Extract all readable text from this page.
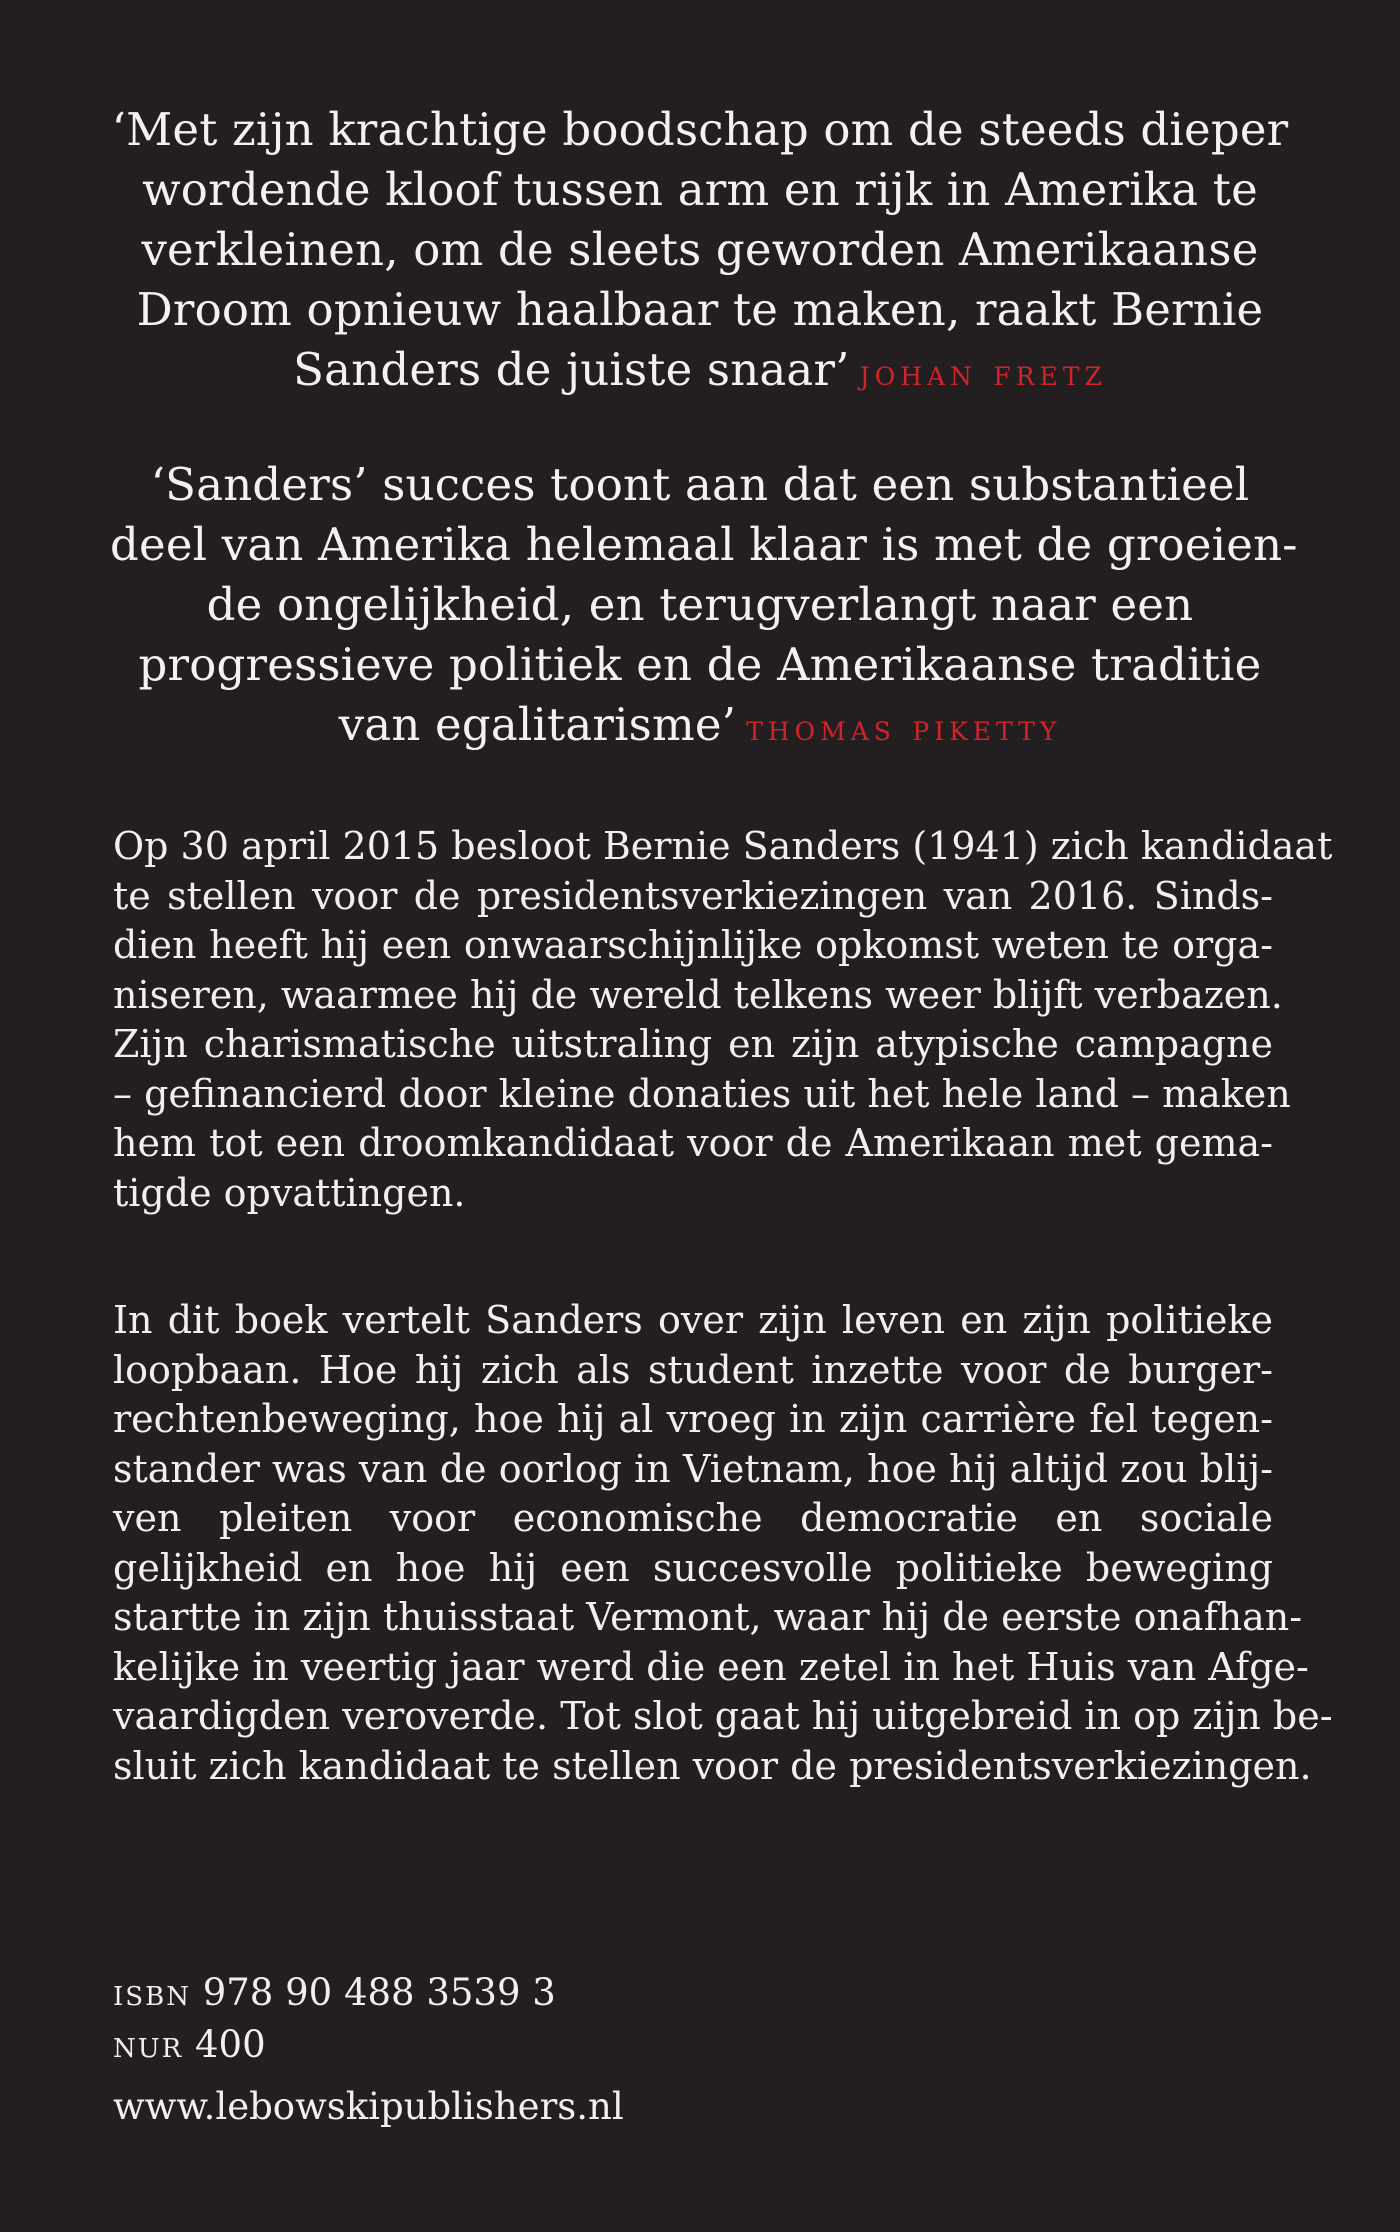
‘Met zijn krachtige boodschap om de steeds dieper
wordende kloof tussen arm en rijk in Amerika te
verkleinen, om de sleets geworden Amerikaanse
Droom opnieuw haalbaar te maken, raakt Bernie
Sanders de juiste snaar’ johan fretz
‘Sanders’ succes toont aan dat een substantieel
deel van Amerika helemaal klaar is met de groeien-
de ongelijkheid, en terugverlangt naar een
progressieve politiek en de Amerikaanse traditie
van egalitarisme’ thomas piketty
Op 30 april 2015 besloot Bernie Sanders (1941) zich kandidaat
te stellen voor de presidentsverkiezingen van 2016. Sinds-
dien heeft hij een onwaarschijnlijke opkomst weten te orga-
niseren, waarmee hij de wereld telkens weer blijft verbazen.
Zijn charismatische uitstraling en zijn atypische campagne
– gefinancierd door kleine donaties uit het hele land – maken
hem tot een droomkandidaat voor de Amerikaan met gema-
tigde opvattingen.
In dit boek vertelt Sanders over zijn leven en zijn politieke
loopbaan. Hoe hij zich als student inzette voor de burger-
rechtenbeweging, hoe hij al vroeg in zijn carrière fel tegen-
stander was van de oorlog in Vietnam, hoe hij altijd zou blij-
ven pleiten voor economische democratie en sociale
gelijkheid en hoe hij een succesvolle politieke beweging
startte in zijn thuisstaat Vermont, waar hij de eerste onafhan-
kelijke in veertig jaar werd die een zetel in het Huis van Afge-
vaardigden veroverde. Tot slot gaat hij uitgebreid in op zijn be-
sluit zich kandidaat te stellen voor de presidentsverkiezingen.
isbn 978 90 488 3539 3
nur 400
www.lebowskipublishers.nl
